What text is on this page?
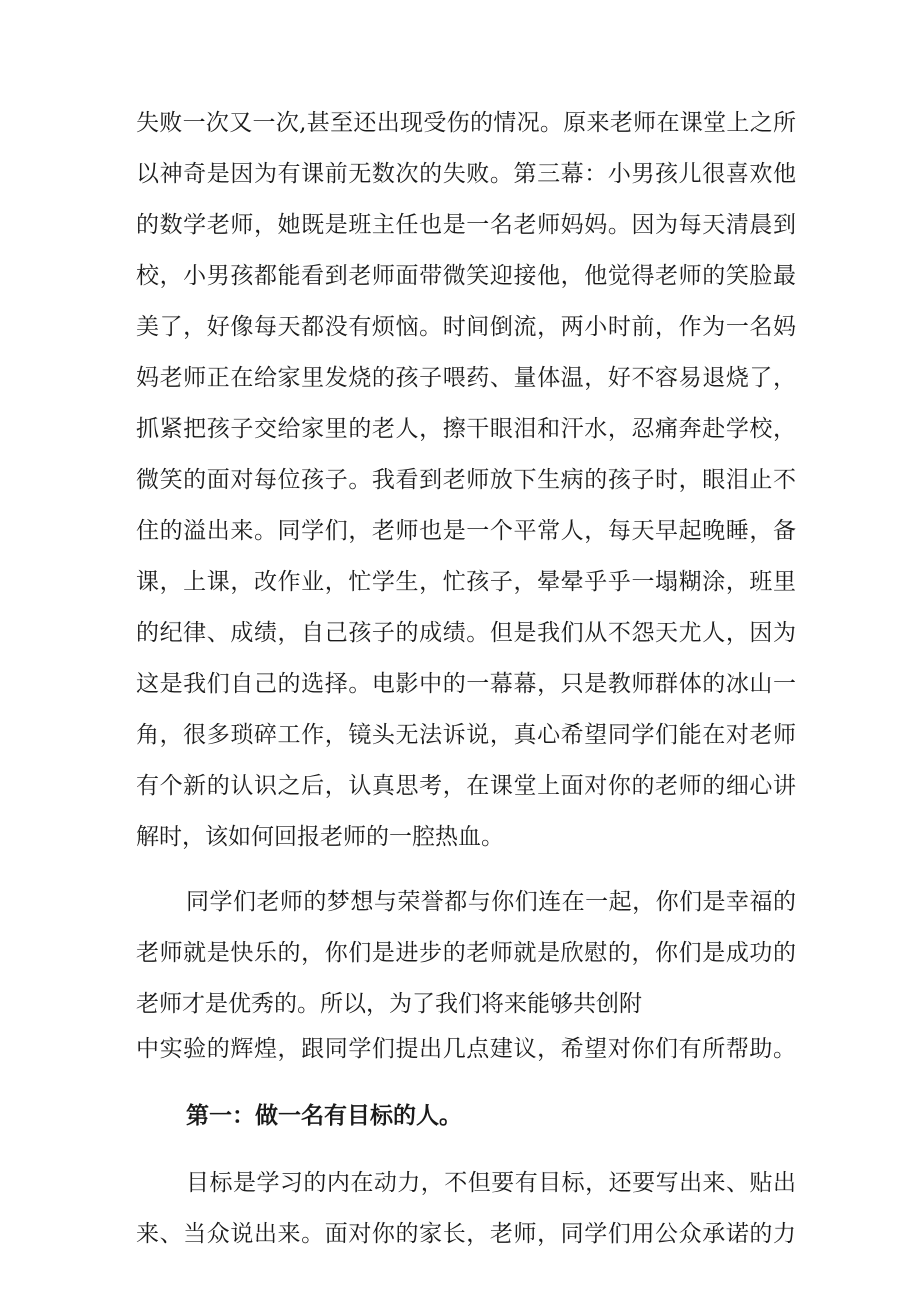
失败一次又一次,甚至还出现受伤的情况。原来老师在课堂上之所
以神奇是因为有课前无数次的失败。第三幕：小男孩儿很喜欢他
的数学老师，她既是班主任也是一名老师妈妈。因为每天清晨到
校，小男孩都能看到老师面带微笑迎接他，他觉得老师的笑脸最
美了，好像每天都没有烦恼。时间倒流，两小时前，作为一名妈
妈老师正在给家里发烧的孩子喂药、量体温，好不容易退烧了，
抓紧把孩子交给家里的老人，擦干眼泪和汗水，忍痛奔赴学校，
微笑的面对每位孩子。我看到老师放下生病的孩子时，眼泪止不
住的溢出来。同学们，老师也是一个平常人，每天早起晚睡，备
课，上课，改作业，忙学生，忙孩子，晕晕乎乎一塌糊涂，班里
的纪律、成绩，自己孩子的成绩。但是我们从不怨天尤人，因为
这是我们自己的选择。电影中的一幕幕，只是教师群体的冰山一
角，很多琐碎工作，镜头无法诉说，真心希望同学们能在对老师
有个新的认识之后，认真思考，在课堂上面对你的老师的细心讲
解时，该如何回报老师的一腔热血。
同学们老师的梦想与荣誉都与你们连在一起，你们是幸福的
老师就是快乐的，你们是进步的老师就是欣慰的，你们是成功的
老师才是优秀的。所以，为了我们将来能够共创附
中实验的辉煌，跟同学们提出几点建议，希望对你们有所帮助。
第一：做一名有目标的人。
目标是学习的内在动力，不但要有目标，还要写出来、贴出
来、当众说出来。面对你的家长，老师，同学们用公众承诺的力
